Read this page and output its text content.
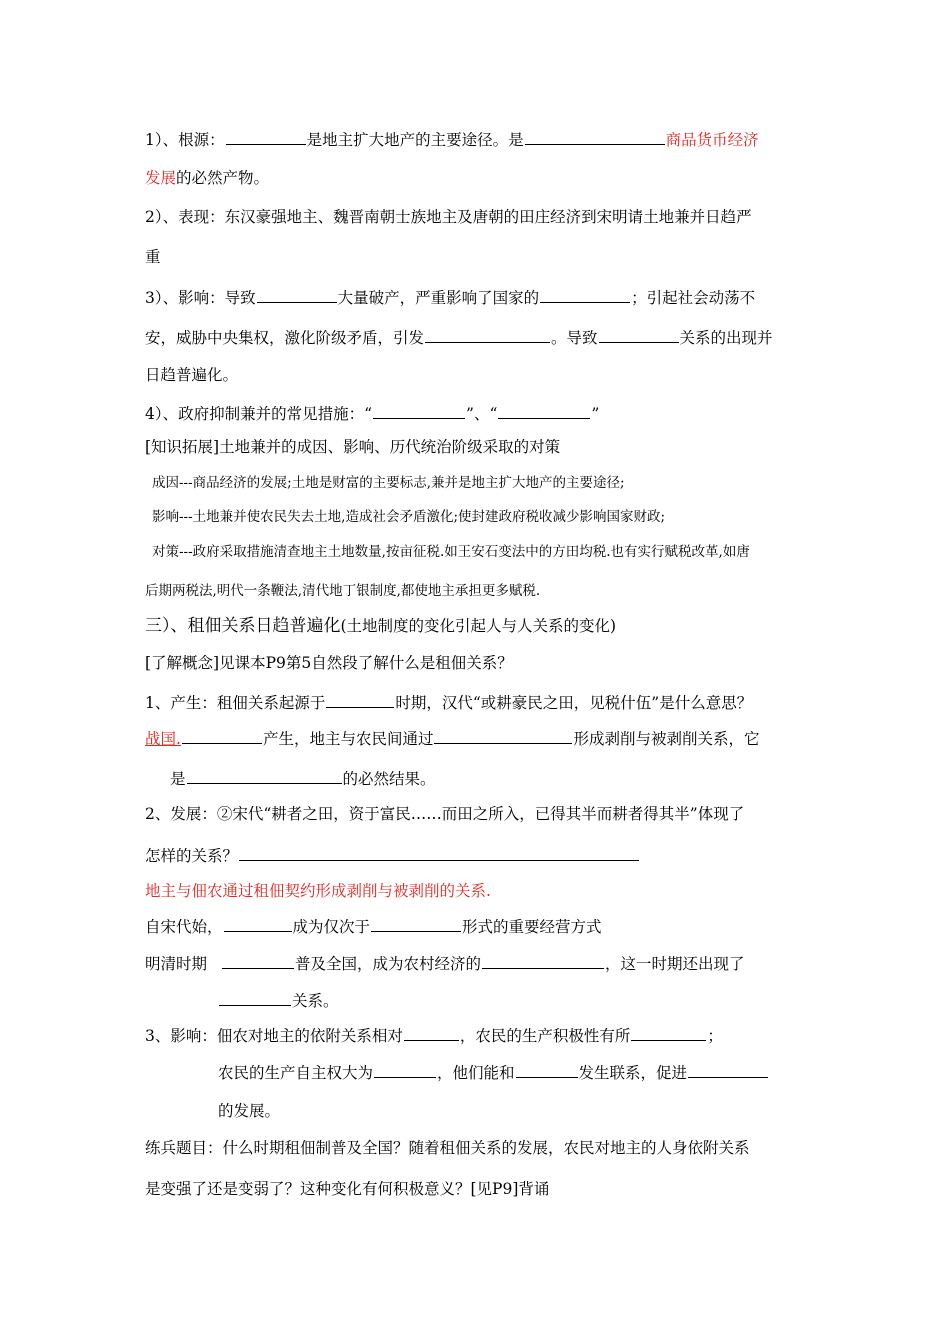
1）、根源：	是地主扩大地产的主要途径。是	商品货币经济
发展的必然产物。
2）、表现：东汉豪强地主、魏晋南朝士族地主及唐朝的田庄经济到宋明请土地兼并日趋严
重
3）、影响：导致	大量破产，严重影响了国家的	；引起社会动荡不
安，威胁中央集权，激化阶级矛盾，引发	。导致	关系的出现并
日趋普遍化。
4）、政府抑制兼并的常见措施：“	”、“	”
[知识拓展]土地兼并的成因、影响、历代统治阶级采取的对策
成因---商品经济的发展;土地是财富的主要标志,兼并是地主扩大地产的主要途径;
影响---土地兼并使农民失去土地,造成社会矛盾激化;使封建政府税收减少影响国家财政;
对策---政府采取措施清查地主土地数量,按亩征税.如王安石变法中的方田均税.也有实行赋税改革,如唐
后期两税法,明代一条鞭法,清代地丁银制度,都使地主承担更多赋税.
三）、租佃关系日趋普遍化(土地制度的变化引起人与人关系的变化)
[了解概念]见课本P9第5自然段了解什么是租佃关系？
1、产生：租佃关系起源于	时期，汉代“或耕豪民之田，见税什伍”是什么意思？
战国.	产生，地主与农民间通过	形成剥削与被剥削关系，它
是	的必然结果。
2、发展：②宋代“耕者之田，资于富民……而田之所入，已得其半而耕者得其半”体现了
怎样的关系？
地主与佃农通过租佃契约形成剥削与被剥削的关系.
自宋代始，	成为仅次于	形式的重要经营方式
明清时期	普及全国，成为农村经济的	，这一时期还出现了
关系。
3、影响：佃农对地主的依附关系相对	，农民的生产积极性有所	；
农民的生产自主权大为	，他们能和	发生联系，促进
的发展。
练兵题目：什么时期租佃制普及全国？随着租佃关系的发展，农民对地主的人身依附关系
是变强了还是变弱了？这种变化有何积极意义？[见P9]背诵
